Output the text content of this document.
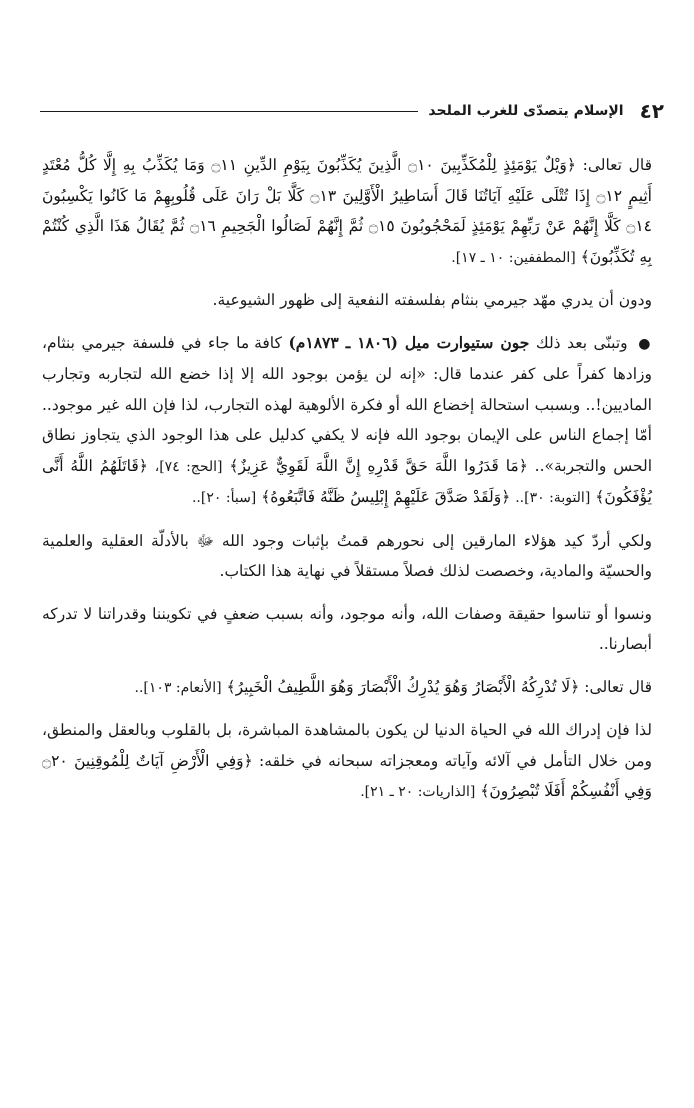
٤٢
الإسلام يتصدّى للغرب الملحد

قال تعالى: ﴿وَيْلٌ يَوْمَئِذٍ لِلْمُكَذِّبِينَ ۝١٠ الَّذِينَ يُكَذِّبُونَ بِيَوْمِ الدِّينِ ۝١١ وَمَا يُكَذِّبُ بِهِ إِلَّا كُلُّ مُعْتَدٍ أَثِيمٍ ۝١٢ إِذَا تُتْلَى عَلَيْهِ آيَاتُنَا قَالَ أَسَاطِيرُ الْأَوَّلِينَ ۝١٣ كَلَّا بَلْ رَانَ عَلَى قُلُوبِهِمْ مَا كَانُوا يَكْسِبُونَ ۝١٤ كَلَّا إِنَّهُمْ عَنْ رَبِّهِمْ يَوْمَئِذٍ لَمَحْجُوبُونَ ۝١٥ ثُمَّ إِنَّهُمْ لَصَالُوا الْجَحِيمِ ۝١٦ ثُمَّ يُقَالُ هَذَا الَّذِي كُنْتُمْ بِهِ تُكَذِّبُونَ﴾ [المطففين: ١٠ ـ ١٧].

ودون أن يدري مهّد جيرمي بنثام بفلسفته النفعية إلى ظهور الشيوعية.

● وتبنّى بعد ذلك جون ستيوارت ميل (١٨٠٦ ـ ١٨٧٣م) كافة ما جاء في فلسفة جيرمي بنثام، وزادها كفراً على كفر عندما قال: «إنه لن يؤمن بوجود الله إلا إذا خضع الله لتجاربه وتجارب الماديين!.. وبسبب استحالة إخضاع الله أو فكرة الألوهية لهذه التجارب، لذا فإن الله غير موجود.. أمّا إجماع الناس على الإيمان بوجود الله فإنه لا يكفي كدليل على هذا الوجود الذي يتجاوز نطاق الحس والتجربة».. ﴿مَا قَدَرُوا اللَّهَ حَقَّ قَدْرِهِ إِنَّ اللَّهَ لَقَوِيٌّ عَزِيزٌ﴾ [الحج: ٧٤]، ﴿قَاتَلَهُمُ اللَّهُ أَنَّى يُؤْفَكُونَ﴾ [التوبة: ٣٠].. ﴿وَلَقَدْ صَدَّقَ عَلَيْهِمْ إِبْلِيسُ ظَنَّهُ فَاتَّبَعُوهُ﴾ [سبأ: ٢٠]..

ولكي أردّ كيد هؤلاء المارقين إلى نحورهم قمتُ بإثبات وجود الله ﷻ بالأدلّة العقلية والعلمية والحسيّة والمادية، وخصصت لذلك فصلاً مستقلاً في نهاية هذا الكتاب.

ونسوا أو تناسوا حقيقة وصفات الله، وأنه موجود، وأنه بسبب ضعفٍ في تكويننا وقدراتنا لا تدركه أبصارنا..

قال تعالى: ﴿لَا تُدْرِكُهُ الْأَبْصَارُ وَهُوَ يُدْرِكُ الْأَبْصَارَ وَهُوَ اللَّطِيفُ الْخَبِيرُ﴾ [الأنعام: ١٠٣]..

لذا فإن إدراك الله في الحياة الدنيا لن يكون بالمشاهدة المباشرة، بل بالقلوب وبالعقل والمنطق، ومن خلال التأمل في آلائه وآياته ومعجزاته سبحانه في خلقه: ﴿وَفِي الْأَرْضِ آيَاتٌ لِلْمُوقِنِينَ ۝٢٠ وَفِي أَنْفُسِكُمْ أَفَلَا تُبْصِرُونَ﴾ [الذاريات: ٢٠ ـ ٢١].
